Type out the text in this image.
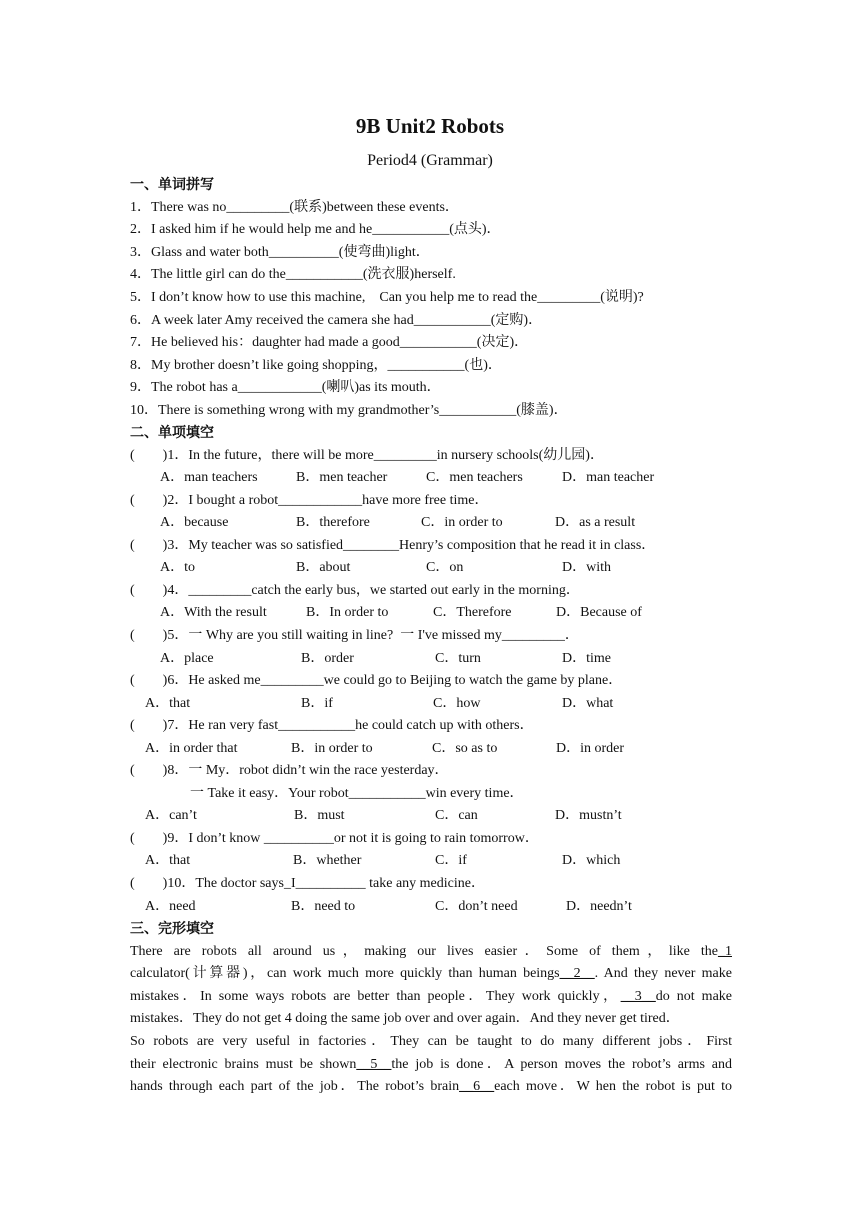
9B Unit2 Robots
Period4 (Grammar)
一、单词拼写
1．There was no_________(联系)between these events．
2．I asked him if he would help me and he___________(点头)．
3．Glass and water both__________(使弯曲)light．
4．The little girl can do the___________(洗衣服)herself.
5．I don’t know how to use this machine,    Can you help me to read the_________(说明)?
6．A week later Amy received the camera she had___________(定购)．
7．He believed his：daughter had made a good___________(决定)．
8．My brother doesn’t like going shopping，___________(也)．
9．The robot has a____________(喇叭)as its mouth．
10．There is something wrong with my grandmother’s___________(膝盖)．
二、单项填空
(        )1．In the future，there will be more_________in nursery schools(幼儿园)．
A．man teachers	B．men teacher	C．men teachers	D．man teacher
(        )2．I bought a robot____________have more free time．
A．because	B．therefore	C．in order to	D．as a result
(        )3．My teacher was so satisfied________Henry’s composition that he read it in class．
A．to	B．about	C．on	D．with
(        )4．_________catch the early bus，we started out early in the morning．
A．With the result	B．In order to	C．Therefore	D．Because of
(        )5．一 Why are you still waiting in line?  一 I've missed my_________．
A．place	B．order	C．turn	D．time
(        )6．He asked me_________we could go to Beijing to watch the game by plane．
A．that	B．if	C．how	D．what
(        )7．He ran very fast___________he could catch up with others．
A．in order that	B．in order to	C．so as to	D．in order
(        )8．一 My．robot didn’t win the race yesterday．
一 Take it easy．Your robot___________win every time．
A．can’t	B．must	C．can	D．mustn’t
(        )9．I don’t know __________or not it is going to rain tomorrow．
A．that	B．whether	C．if	D．which
(        )10．The doctor says_I__________ take any medicine．
A．need	B．need to	C．don’t need	D．needn’t
三、完形填空
There are robots all around us，making our lives easier．Some of them，like the_1
calculator(计算器)，can work much more quickly than human beings__2__. And they never make
mistakes．In some ways robots are better than people．They work quickly，__3__do not make
mistakes．They do not get 4 doing the same job over and over again．And they never get tired．
So robots are very useful in factories．They can be taught to do many different jobs．First
their electronic brains must be shown__5__the job is done．A person moves the robot’s arms and
hands through each part of the job．The robot’s brain__6__each move．W hen the robot is put to
